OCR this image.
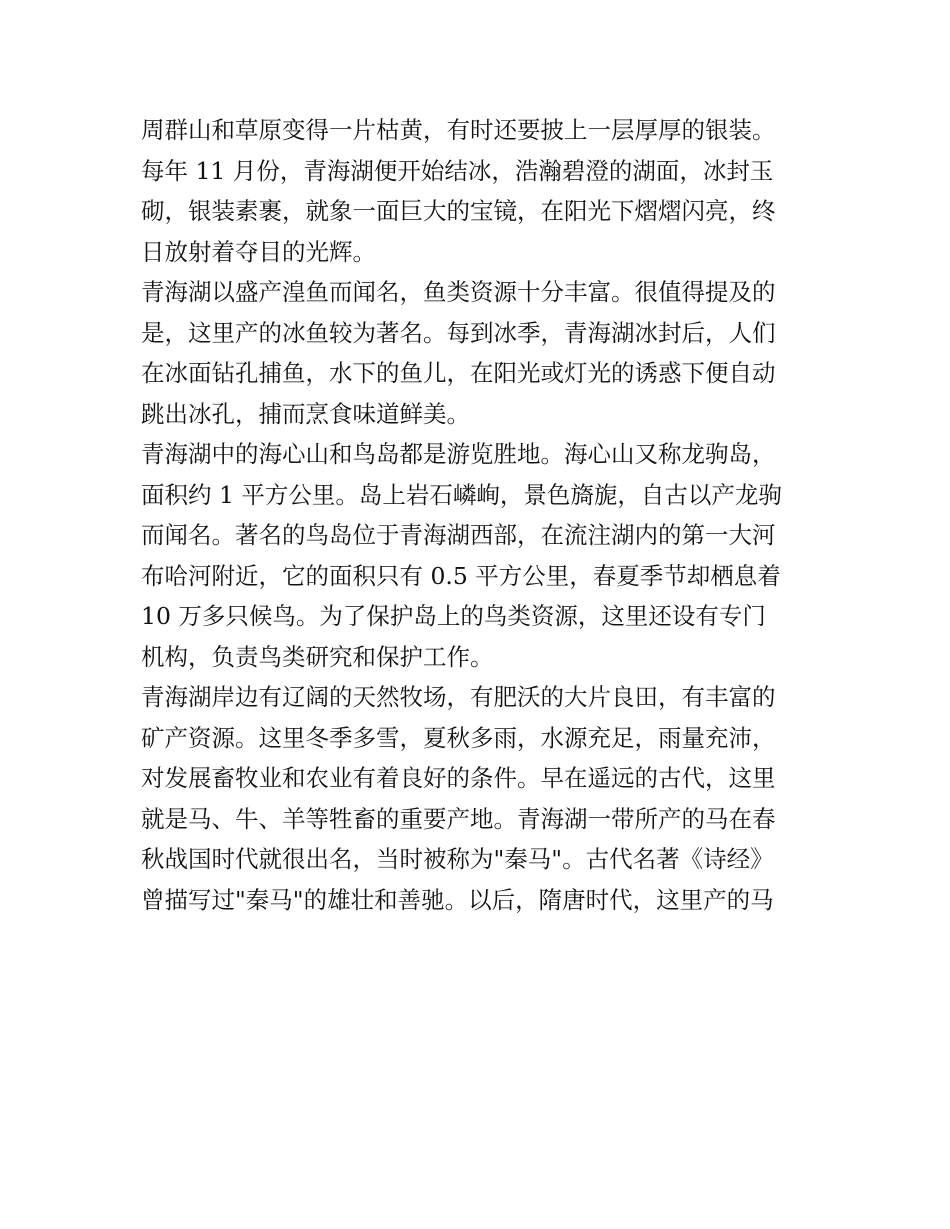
周群山和草原变得一片枯黄，有时还要披上一层厚厚的银装。

每年 11 月份，青海湖便开始结冰，浩瀚碧澄的湖面，冰封玉

砌，银装素裹，就象一面巨大的宝镜，在阳光下熠熠闪亮，终

日放射着夺目的光辉。

青海湖以盛产湟鱼而闻名，鱼类资源十分丰富。很值得提及的

是，这里产的冰鱼较为著名。每到冰季，青海湖冰封后，人们

在冰面钻孔捕鱼，水下的鱼儿，在阳光或灯光的诱惑下便自动

跳出冰孔，捕而烹食味道鲜美。

青海湖中的海心山和鸟岛都是游览胜地。海心山又称龙驹岛，

面积约 1 平方公里。岛上岩石嶙峋，景色旖旎，自古以产龙驹

而闻名。著名的鸟岛位于青海湖西部，在流注湖内的第一大河

布哈河附近，它的面积只有 0.5 平方公里，春夏季节却栖息着

10 万多只候鸟。为了保护岛上的鸟类资源，这里还设有专门

机构，负责鸟类研究和保护工作。

青海湖岸边有辽阔的天然牧场，有肥沃的大片良田，有丰富的

矿产资源。这里冬季多雪，夏秋多雨，水源充足，雨量充沛，

对发展畜牧业和农业有着良好的条件。早在遥远的古代，这里

就是马、牛、羊等牲畜的重要产地。青海湖一带所产的马在春

秋战国时代就很出名，当时被称为"秦马"。古代名著《诗经》

曾描写过"秦马"的雄壮和善驰。以后，隋唐时代，这里产的马
